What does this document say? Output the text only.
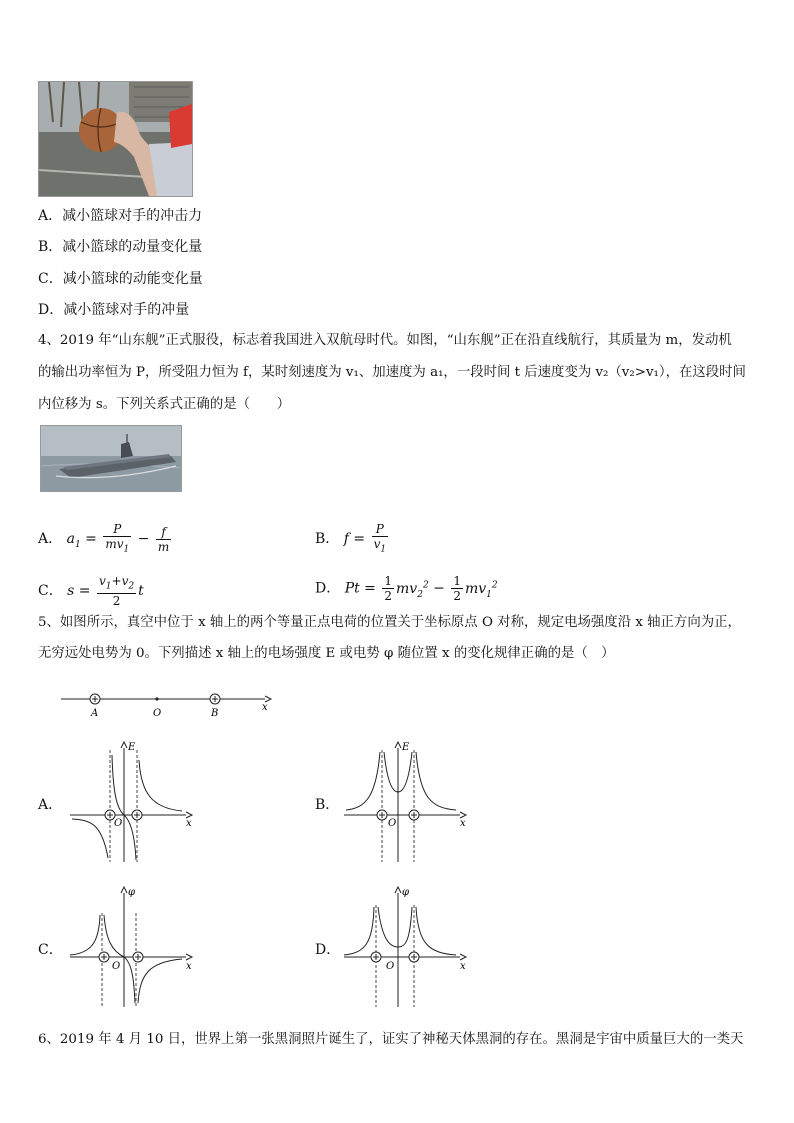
A．减小篮球对手的冲击力
B．减小篮球的动量变化量
C．减小篮球的动能变化量
D．减小篮球对手的冲量
4、2019 年“山东舰”正式服役，标志着我国进入双航母时代。如图，“山东舰”正在沿直线航行，其质量为 m，发动机
的输出功率恒为 P，所受阻力恒为 f，某时刻速度为 v₁、加速度为 a₁，一段时间 t 后速度变为 v₂（v₂>v₁），在这段时间
内位移为 s。下列关系式正确的是（　　）
A． $a_1 = \frac{P}{mv_1} - \frac{f}{m}$	B． $f = \frac{P}{v_1}$
C． $s = \frac{v_1+v_2}{2}$ t	D． $Pt = \frac{1}{2} mv_2^2 - \frac{1}{2} mv_1^2$
5、如图所示，真空中位于 x 轴上的两个等量正点电荷的位置关于坐标原点 O 对称，规定电场强度沿 x 轴正方向为正，
无穷远处电势为 0。下列描述 x 轴上的电场强度 E 或电势 φ 随位置 x 的变化规律正确的是（　）
A	O	B
x
A．	B．
C．	D．
E
O	x
E
O	x
φ
O	x
φ
O	x
6、2019 年 4 月 10 日，世界上第一张黑洞照片诞生了，证实了神秘天体黑洞的存在。黑洞是宇宙中质量巨大的一类天
